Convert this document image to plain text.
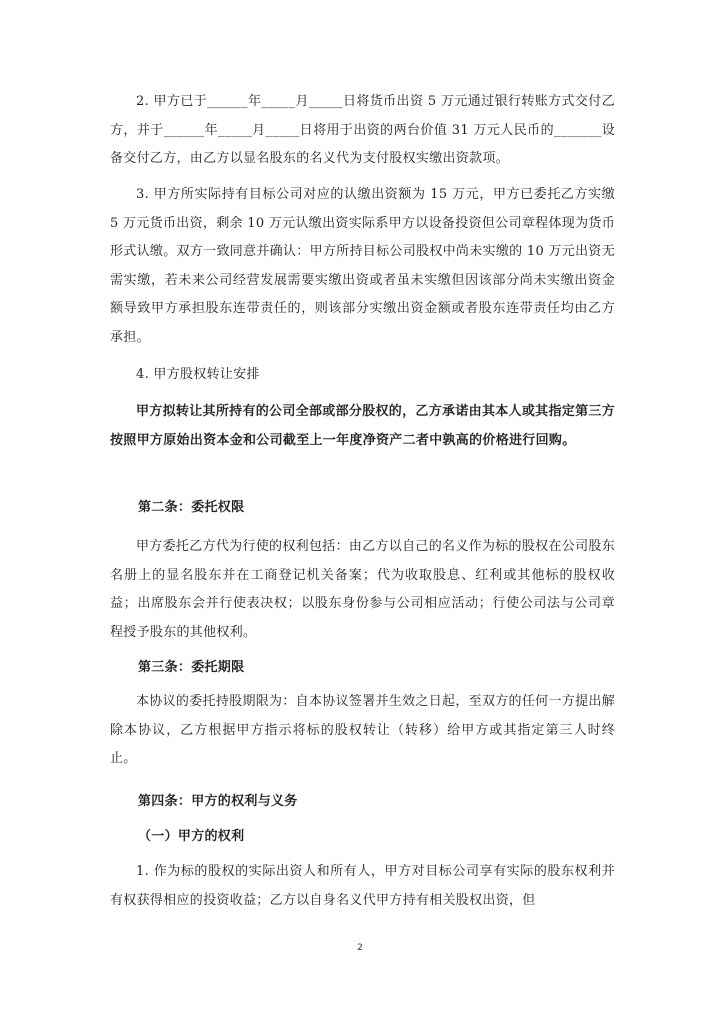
2. 甲方已于______年_____月_____日将货币出资 5 万元通过银行转账方式交付乙方，并于______年_____月_____日将用于出资的两台价值 31 万元人民币的_______设备交付乙方，由乙方以显名股东的名义代为支付股权实缴出资款项。
3. 甲方所实际持有目标公司对应的认缴出资额为 15 万元，甲方已委托乙方实缴 5 万元货币出资，剩余 10 万元认缴出资实际系甲方以设备投资但公司章程体现为货币形式认缴。双方一致同意并确认：甲方所持目标公司股权中尚未实缴的 10 万元出资无需实缴，若未来公司经营发展需要实缴出资或者虽未实缴但因该部分尚未实缴出资金额导致甲方承担股东连带责任的，则该部分实缴出资金额或者股东连带责任均由乙方承担。
4. 甲方股权转让安排
甲方拟转让其所持有的公司全部或部分股权的，乙方承诺由其本人或其指定第三方按照甲方原始出资本金和公司截至上一年度净资产二者中孰高的价格进行回购。
第二条：委托权限
甲方委托乙方代为行使的权利包括：由乙方以自己的名义作为标的股权在公司股东名册上的显名股东并在工商登记机关备案；代为收取股息、红利或其他标的股权收益；出席股东会并行使表决权；以股东身份参与公司相应活动；行使公司法与公司章程授予股东的其他权利。
第三条：委托期限
本协议的委托持股期限为：自本协议签署并生效之日起，至双方的任何一方提出解除本协议，乙方根据甲方指示将标的股权转让（转移）给甲方或其指定第三人时终止。
第四条：甲方的权利与义务
（一）甲方的权利
1. 作为标的股权的实际出资人和所有人，甲方对目标公司享有实际的股东权利并有权获得相应的投资收益；乙方以自身名义代甲方持有相关股权出资，但
2
